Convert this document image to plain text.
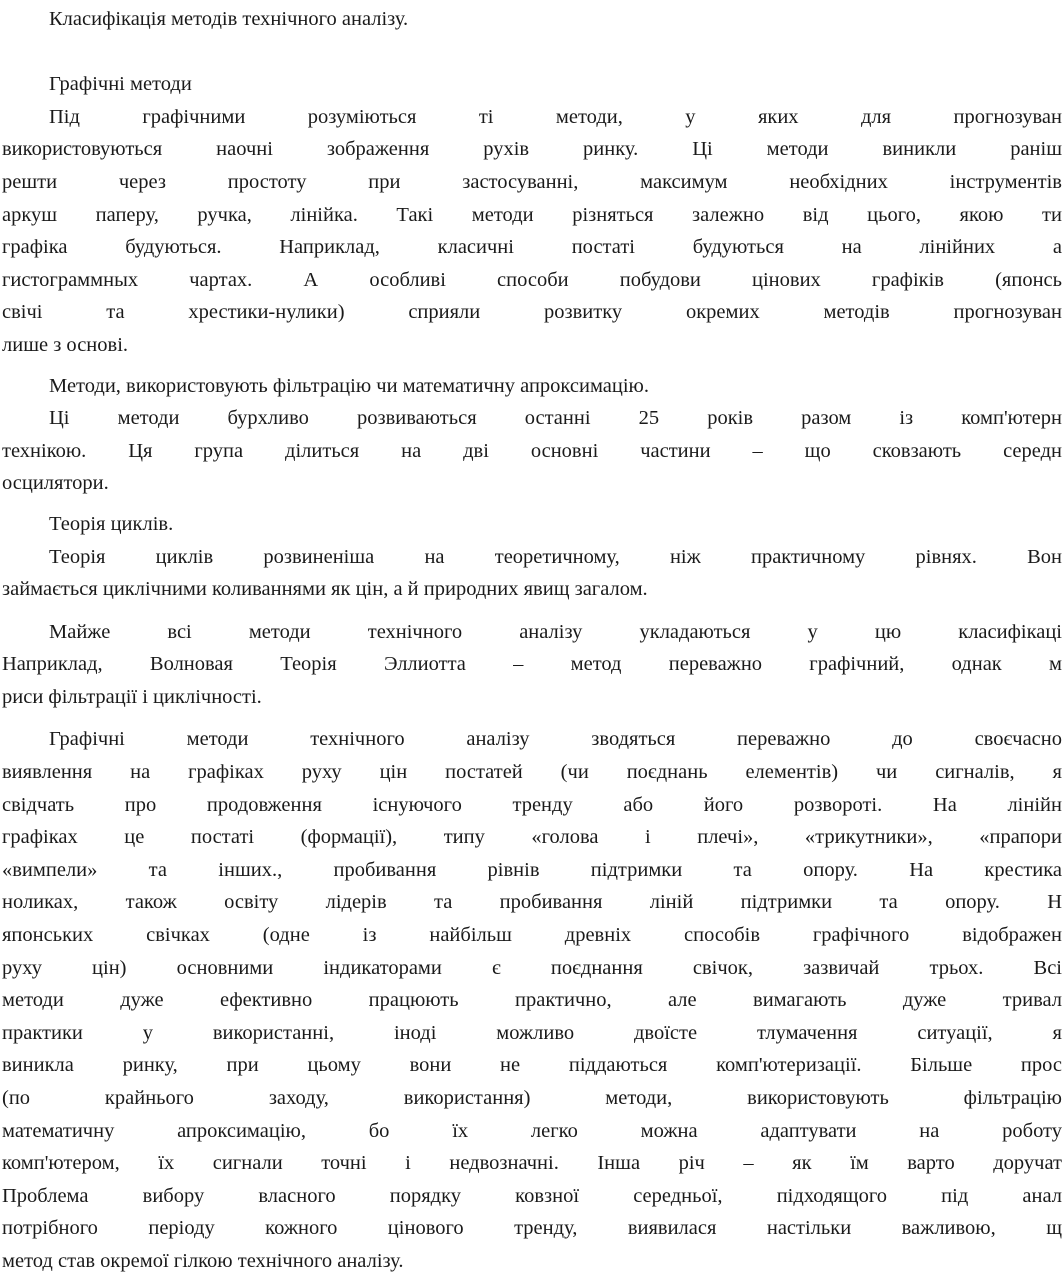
Класифікація методів технічного аналізу.
Графічні методи
Під графічними розуміються ті методи, у яких для прогнозуван
використовуються наочні зображення рухів ринку. Ці методи виникли раніш
решти через простоту при застосуванні, максимум необхідних інструментів
аркуш паперу, ручка, лінійка. Такі методи різняться залежно від цього, якою ти
графіка будуються. Наприклад, класичні постаті будуються на лінійних а
гистограммных чартах. А особливі способи побудови цінових графіків (японсь
свічі та хрестики-нулики) сприяли розвитку окремих методів прогнозуван
лише з основі.
Методи, використовують фільтрацію чи математичну апроксимацію.
Ці методи бурхливо розвиваються останні 25 років разом із комп'ютерн
технікою. Ця група ділиться на дві основні частини – що сковзають середн
осцилятори.
Теорія циклів.
Теорія циклів розвиненіша на теоретичному, ніж практичному рівнях. Вон
займається циклічними коливаннями як цін, а й природних явищ загалом.
Майже всі методи технічного аналізу укладаються у цю класифікаці
Наприклад, Волновая Теорія Эллиотта – метод переважно графічний, однак м
риси фільтрації і циклічності.
Графічні методи технічного аналізу зводяться переважно до своєчасно
виявлення на графіках руху цін постатей (чи поєднань елементів) чи сигналів, я
свідчать про продовження існуючого тренду або його розвороті. На лінійн
графіках це постаті (формації), типу «голова і плечі», «трикутники», «прапори
«вимпели» та інших., пробивання рівнів підтримки та опору. На крестика
ноликах, також освіту лідерів та пробивання ліній підтримки та опору. Н
японських свічках (одне із найбільш древніх способів графічного відображен
руху цін) основними індикаторами є поєднання свічок, зазвичай трьох. Всі
методи дуже ефективно працюють практично, але вимагають дуже тривал
практики у використанні, іноді можливо двоїсте тлумачення ситуації, я
виникла ринку, при цьому вони не піддаються комп'ютеризації. Більше прос
(по крайнього заходу, використання) методи, використовують фільтрацію
математичну апроксимацію, бо їх легко можна адаптувати на роботу
комп'ютером, їх сигнали точні і недвозначні. Інша річ – як їм варто доручат
Проблема вибору власного порядку ковзної середньої, підходящого під анал
потрібного періоду кожного цінового тренду, виявилася настільки важливою, щ
метод став окремої гілкою технічного аналізу.
